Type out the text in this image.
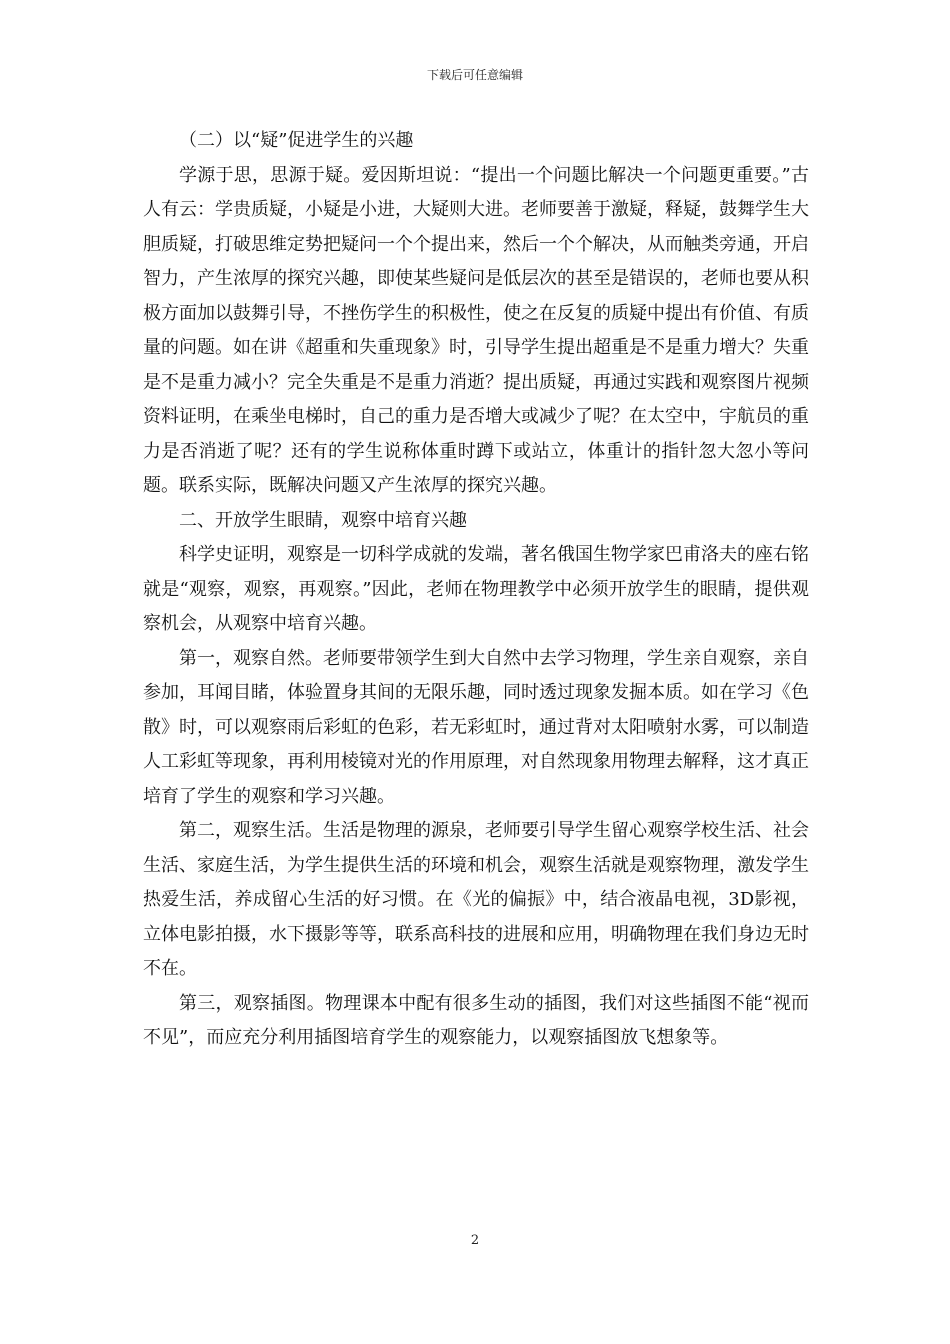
下载后可任意编辑

（二）以“疑”促进学生的兴趣

学源于思，思源于疑。爱因斯坦说：“提出一个问题比解决一个问题更重要。”古人有云：学贵质疑，小疑是小进，大疑则大进。老师要善于激疑，释疑，鼓舞学生大胆质疑，打破思维定势把疑问一个个提出来，然后一个个解决，从而触类旁通，开启智力，产生浓厚的探究兴趣，即使某些疑问是低层次的甚至是错误的，老师也要从积极方面加以鼓舞引导，不挫伤学生的积极性，使之在反复的质疑中提出有价值、有质量的问题。如在讲《超重和失重现象》时，引导学生提出超重是不是重力增大？失重是不是重力减小？完全失重是不是重力消逝？提出质疑，再通过实践和观察图片视频资料证明，在乘坐电梯时，自己的重力是否增大或减少了呢？在太空中，宇航员的重力是否消逝了呢？还有的学生说称体重时蹲下或站立，体重计的指针忽大忽小等问题。联系实际，既解决问题又产生浓厚的探究兴趣。

二、开放学生眼睛，观察中培育兴趣

科学史证明，观察是一切科学成就的发端，著名俄国生物学家巴甫洛夫的座右铭就是“观察，观察，再观察。”因此，老师在物理教学中必须开放学生的眼睛，提供观察机会，从观察中培育兴趣。

第一，观察自然。老师要带领学生到大自然中去学习物理，学生亲自观察，亲自参加，耳闻目睹，体验置身其间的无限乐趣，同时透过现象发掘本质。如在学习《色散》时，可以观察雨后彩虹的色彩，若无彩虹时，通过背对太阳喷射水雾，可以制造人工彩虹等现象，再利用棱镜对光的作用原理，对自然现象用物理去解释，这才真正培育了学生的观察和学习兴趣。

第二，观察生活。生活是物理的源泉，老师要引导学生留心观察学校生活、社会生活、家庭生活，为学生提供生活的环境和机会，观察生活就是观察物理，激发学生热爱生活，养成留心生活的好习惯。在《光的偏振》中，结合液晶电视，3D影视，立体电影拍摄，水下摄影等等，联系高科技的进展和应用，明确物理在我们身边无时不在。

第三，观察插图。物理课本中配有很多生动的插图，我们对这些插图不能“视而不见”，而应充分利用插图培育学生的观察能力，以观察插图放飞想象等。

2
